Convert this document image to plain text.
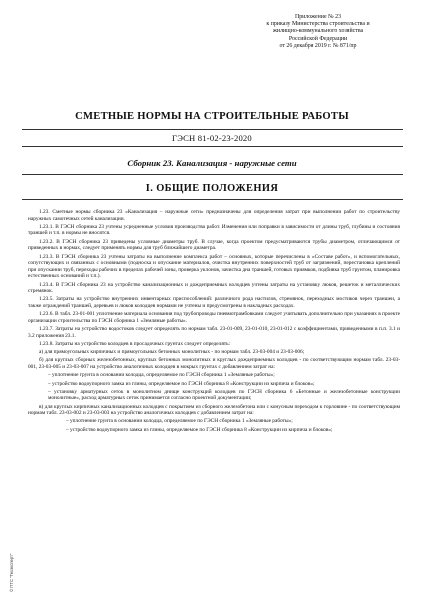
Приложение № 23
к приказу Министерства строительства и
жилищно-коммунального хозяйства
Российской Федерации
от 26 декабря 2019 г. № 871/пр
СМЕТНЫЕ НОРМЫ НА СТРОИТЕЛЬНЫЕ РАБОТЫ
ГЭСН 81-02-23-2020
Сборник 23. Канализация - наружные сети
I. ОБЩИЕ ПОЛОЖЕНИЯ

1.23. Сметные нормы сборника 23 «Канализация – наружные сети» предназначены для определения затрат при выполнении работ по строительству наружных самотечных сетей канализации.

1.23.1. В ГЭСН сборника 23 учтены усредненные условия производства работ. Изменения или поправки в зависимости от длины труб, глубины и состояния траншей и т.п. в нормы не вносятся.

1.23.2. В ГЭСН сборника 23 приведены условные диаметры труб. В случае, когда проектом предусматриваются трубы диаметром, отличающимся от приведенных в нормах, следует применять нормы для труб ближайшего диаметра.

1.23.3. В ГЭСН сборника 23 учтены затраты на выполнение комплекса работ – основных, которые перечислены в «Составе работ», и вспомогательных, сопутствующих и связанных с основными (подноска и опускание материалов, очистка внутренних поверхностей труб от загрязнений, перестановка креплений при опускании труб, переходы рабочих в пределах рабочей зоны, проверка уклонов, зачистка дна траншей, готовых приямков, подбивка труб грунтом, планировка естественных оснований и т.п.).

1.23.4. В ГЭСН сборника 23 на устройство канализационных и дождеприемных колодцев учтены затраты на установку люков, решеток и металлических стремянок.

1.23.5. Затраты на устройство внутренних инвентарных приспособлений: различного рода настилов, стремянок, переходных мостиков через траншеи, а также ограждений траншей, деревьев и люков колодцев нормами не учтены и предусмотрены в накладных расходах.

1.23.6. В табл. 23-01-001 уплотнение материала основания под трубопроводы пневмотрамбовками следует учитывать дополнительно при указаниях в проекте организации строительства по ГЭСН сборника 1 «Земляные работы».

1.23.7. Затраты на устройство водостоков следует определять по нормам табл. 23-01-009, 23-01-010, 23-01-012 с коэффициентами, приведенными в п.п. 3.1 и 3.2 приложения 23.1.

1.23.8. Затраты на устройство колодцев в просадочных грунтах следует определять:

а) для прямоугольных кирпичных и прямоугольных бетонных монолитных - по нормам табл. 23-03-004 и 23-03-006;

б) для круглых сборных железобетонных, круглых бетонных монолитных и круглых дождеприемных колодцев - по соответствующим нормам табл. 23-03-001, 23-03-005 и 23-03-007 на устройство аналогичных колодцев в мокрых грунтах с добавлением затрат на:

– уплотнение грунта в основании колодца, определяемое по ГЭСН сборника 1 «Земляные работы»;

– устройство водоупорного замка из глины, определяемое по ГЭСН сборника 8 «Конструкции из кирпича и блоков»;

– установку арматурных сеток в монолитном днище конструкций колодцев по ГЭСН сборника 6 «Бетонные и железобетонные конструкции монолитные», расход арматурных сеток принимается согласно проектной документации;

в) для круглых кирпичных канализационных колодцев с покрытием из сборного железобетона или с конусным переходом к горловине - по соответствующим нормам табл. 23-03-002 и 23-03-003 на устройство аналогичных колодцев с добавлением затрат на:

– уплотнение грунта в основании колодца, определяемое по ГЭСН сборника 1 «Земляные работы»;

– устройство водоупорного замка из глины, определяемое по ГЭСН сборника 8 «Конструкции из кирпича и блоков»;

© ПТС "Техэксперт"
